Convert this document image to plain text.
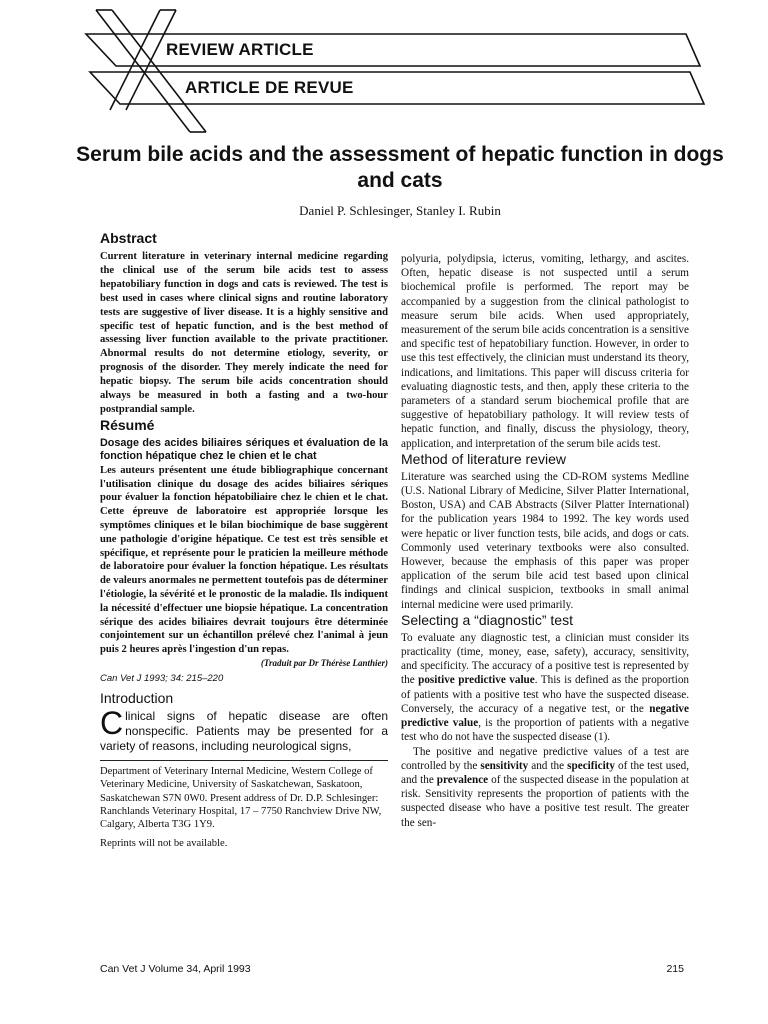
REVIEW ARTICLE
ARTICLE DE REVUE
Serum bile acids and the assessment of hepatic function in dogs and cats
Daniel P. Schlesinger, Stanley I. Rubin
Abstract

Current literature in veterinary internal medicine regarding the clinical use of the serum bile acids test to assess hepatobiliary function in dogs and cats is reviewed. The test is best used in cases where clinical signs and routine laboratory tests are suggestive of liver disease. It is a highly sensitive and specific test of hepatic function, and is the best method of assessing liver function available to the private practitioner. Abnormal results do not determine etiology, severity, or prognosis of the disorder. They merely indicate the need for hepatic biopsy. The serum bile acids concentration should always be measured in both a fasting and a two-hour postprandial sample.

Résumé

Dosage des acides biliaires sériques et évaluation de la fonction hépatique chez le chien et le chat

Les auteurs présentent une étude bibliographique concernant l'utilisation clinique du dosage des acides biliaires sériques pour évaluer la fonction hépatobiliaire chez le chien et le chat. Cette épreuve de laboratoire est appropriée lorsque les symptômes cliniques et le bilan biochimique de base suggèrent une pathologie d'origine hépatique. Ce test est très sensible et spécifique, et représente pour le praticien la meilleure méthode de laboratoire pour évaluer la fonction hépatique. Les résultats de valeurs anormales ne permettent toutefois pas de déterminer l'étiologie, la sévérité et le pronostic de la maladie. Ils indiquent la nécessité d'effectuer une biopsie hépatique. La concentration sérique des acides biliaires devrait toujours être déterminée conjointement sur un échantillon prélevé chez l'animal à jeun puis 2 heures après l'ingestion d'un repas.
(Traduit par Dr Thérèse Lanthier)

Can Vet J 1993; 34: 215–220
Introduction

Clinical signs of hepatic disease are often nonspecific. Patients may be presented for a variety of reasons, including neurological signs,

Department of Veterinary Internal Medicine, Western College of Veterinary Medicine, University of Saskatchewan, Saskatoon, Saskatchewan S7N 0W0. Present address of Dr. D.P. Schlesinger: Ranchlands Veterinary Hospital, 17 – 7750 Ranchview Drive NW, Calgary, Alberta T3G 1Y9.

Reprints will not be available.

polyuria, polydipsia, icterus, vomiting, lethargy, and ascites. Often, hepatic disease is not suspected until a serum biochemical profile is performed. The report may be accompanied by a suggestion from the clinical pathologist to measure serum bile acids. When used appropriately, measurement of the serum bile acids concentration is a sensitive and specific test of hepatobiliary function. However, in order to use this test effectively, the clinician must understand its theory, indications, and limitations. This paper will discuss criteria for evaluating diagnostic tests, and then, apply these criteria to the parameters of a standard serum biochemical profile that are suggestive of hepatobiliary pathology. It will review tests of hepatic function, and finally, discuss the physiology, theory, application, and interpretation of the serum bile acids test.

Method of literature review

Literature was searched using the CD-ROM systems Medline (U.S. National Library of Medicine, Silver Platter International, Boston, USA) and CAB Abstracts (Silver Platter International) for the publication years 1984 to 1992. The key words used were hepatic or liver function tests, bile acids, and dogs or cats. Commonly used veterinary textbooks were also consulted. However, because the emphasis of this paper was proper application of the serum bile acid test based upon clinical findings and clinical suspicion, textbooks in small animal internal medicine were used primarily.

Selecting a “diagnostic” test

To evaluate any diagnostic test, a clinician must consider its practicality (time, money, ease, safety), accuracy, sensitivity, and specificity. The accuracy of a positive test is represented by the positive predictive value. This is defined as the proportion of patients with a positive test who have the suspected disease. Conversely, the accuracy of a negative test, or the negative predictive value, is the proportion of patients with a negative test who do not have the suspected disease (1).

The positive and negative predictive values of a test are controlled by the sensitivity and the specificity of the test used, and the prevalence of the suspected disease in the population at risk. Sensitivity represents the proportion of patients with the suspected disease who have a positive test result. The greater the sen-

Can Vet J Volume 34, April 1993	215
